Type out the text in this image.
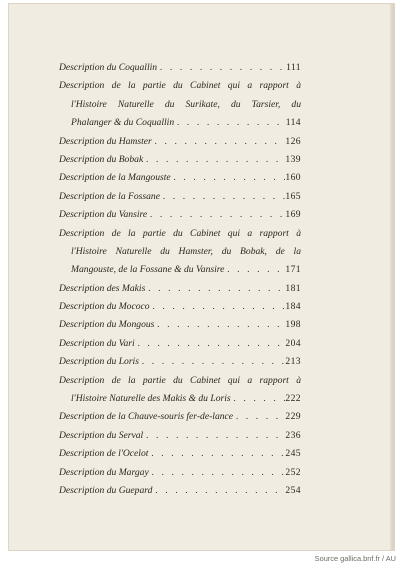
Description du Coquallin . . .	111
Description de la partie du Cabinet qui a rapport à
l'Histoire Naturelle du Surikate, du Tarsier, du
Phalanger & du Coquallin . . .	114
Description du Hamster . . .	126
Description du Bobak . . .	139
Description de la Mangouste . . .	160
Description de la Fossane . . .	165
Description du Vansire . . .	169
Description de la partie du Cabinet qui a rapport à
l'Histoire Naturelle du Hamster, du Bobak, de la
Mangouste, de la Fossane & du Vansire . . .	171
Description des Makis . . .	181
Description du Mococo . . .	184
Description du Mongous . . .	198
Description du Vari . . .	204
Description du Loris . . .	213
Description de la partie du Cabinet qui a rapport à
l'Histoire Naturelle des Makis & du Loris . . .	222
Description de la Chauve-souris fer-de-lance . . .	229
Description du Serval . . .	236
Description de l'Ocelot . . .	245
Description du Margay . . .	252
Description du Guepard . . .	254
Source gallica.bnf.fr / AU
